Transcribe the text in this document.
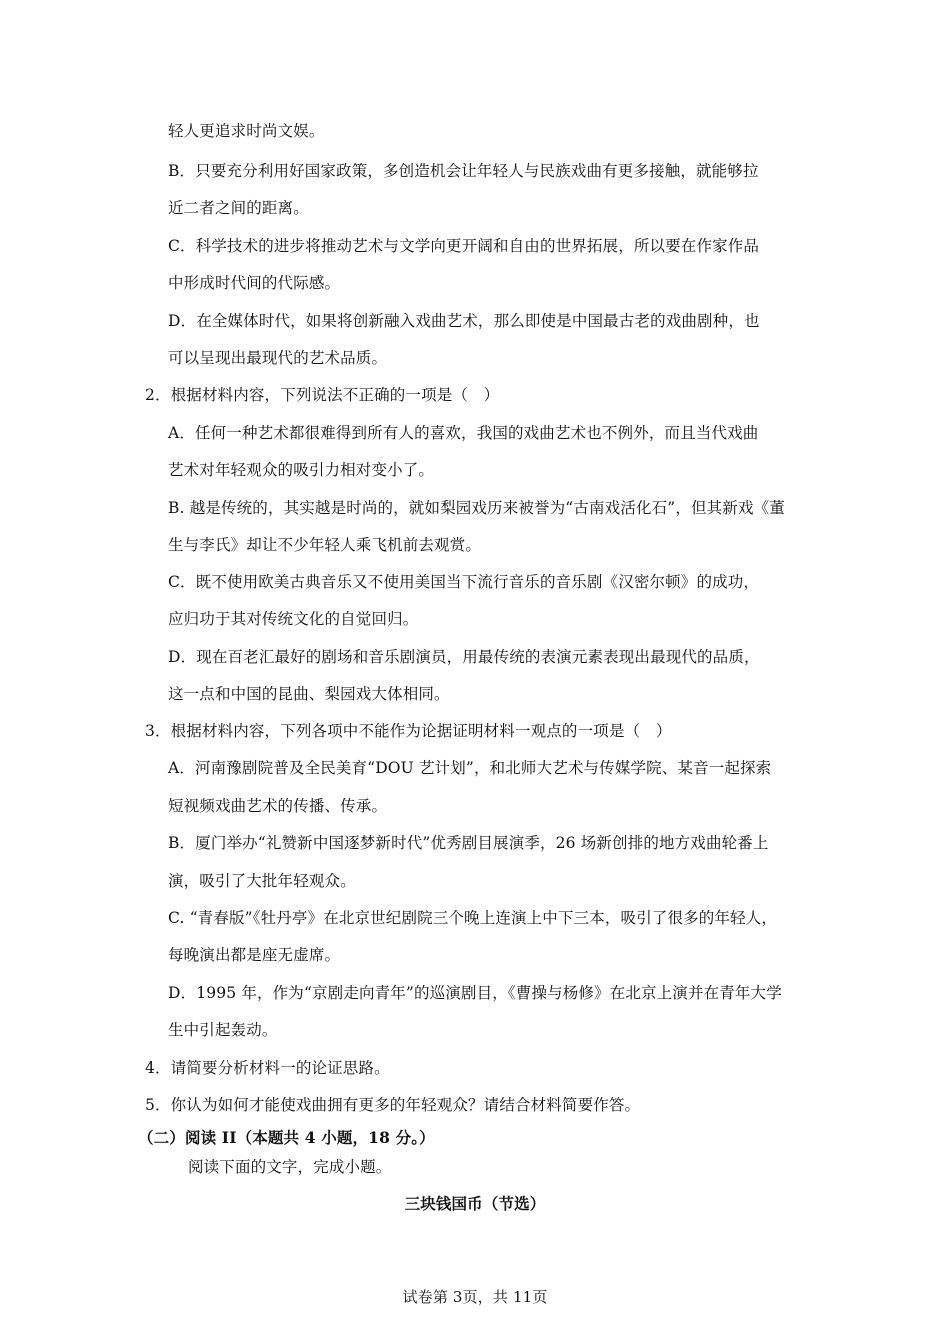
轻人更追求时尚文娱。
B．只要充分利用好国家政策，多创造机会让年轻人与民族戏曲有更多接触，就能够拉
近二者之间的距离。
C．科学技术的进步将推动艺术与文学向更开阔和自由的世界拓展，所以要在作家作品
中形成时代间的代际感。
D．在全媒体时代，如果将创新融入戏曲艺术，那么即使是中国最古老的戏曲剧种，也
可以呈现出最现代的艺术品质。
2．根据材料内容，下列说法不正确的一项是（　）
A．任何一种艺术都很难得到所有人的喜欢，我国的戏曲艺术也不例外，而且当代戏曲
艺术对年轻观众的吸引力相对变小了。
B. 越是传统的，其实越是时尚的，就如梨园戏历来被誉为“古南戏活化石”，但其新戏《董
生与李氏》却让不少年轻人乘飞机前去观赏。
C．既不使用欧美古典音乐又不使用美国当下流行音乐的音乐剧《汉密尔顿》的成功，
应归功于其对传统文化的自觉回归。
D．现在百老汇最好的剧场和音乐剧演员，用最传统的表演元素表现出最现代的品质，
这一点和中国的昆曲、梨园戏大体相同。
3．根据材料内容，下列各项中不能作为论据证明材料一观点的一项是（　）
A．河南豫剧院普及全民美育“DOU 艺计划”，和北师大艺术与传媒学院、某音一起探索
短视频戏曲艺术的传播、传承。
B．厦门举办“礼赞新中国逐梦新时代”优秀剧目展演季，26 场新创排的地方戏曲轮番上
演，吸引了大批年轻观众。
C. “青春版”《牡丹亭》在北京世纪剧院三个晚上连演上中下三本，吸引了很多的年轻人，
每晚演出都是座无虚席。
D．1995 年，作为“京剧走向青年”的巡演剧目，《曹操与杨修》在北京上演并在青年大学
生中引起轰动。
4．请简要分析材料一的论证思路。
5．你认为如何才能使戏曲拥有更多的年轻观众？请结合材料简要作答。
（二）阅读 II（本题共 4 小题，18 分。）
阅读下面的文字，完成小题。
三块钱国币（节选）
试卷第 3页，共 11页
